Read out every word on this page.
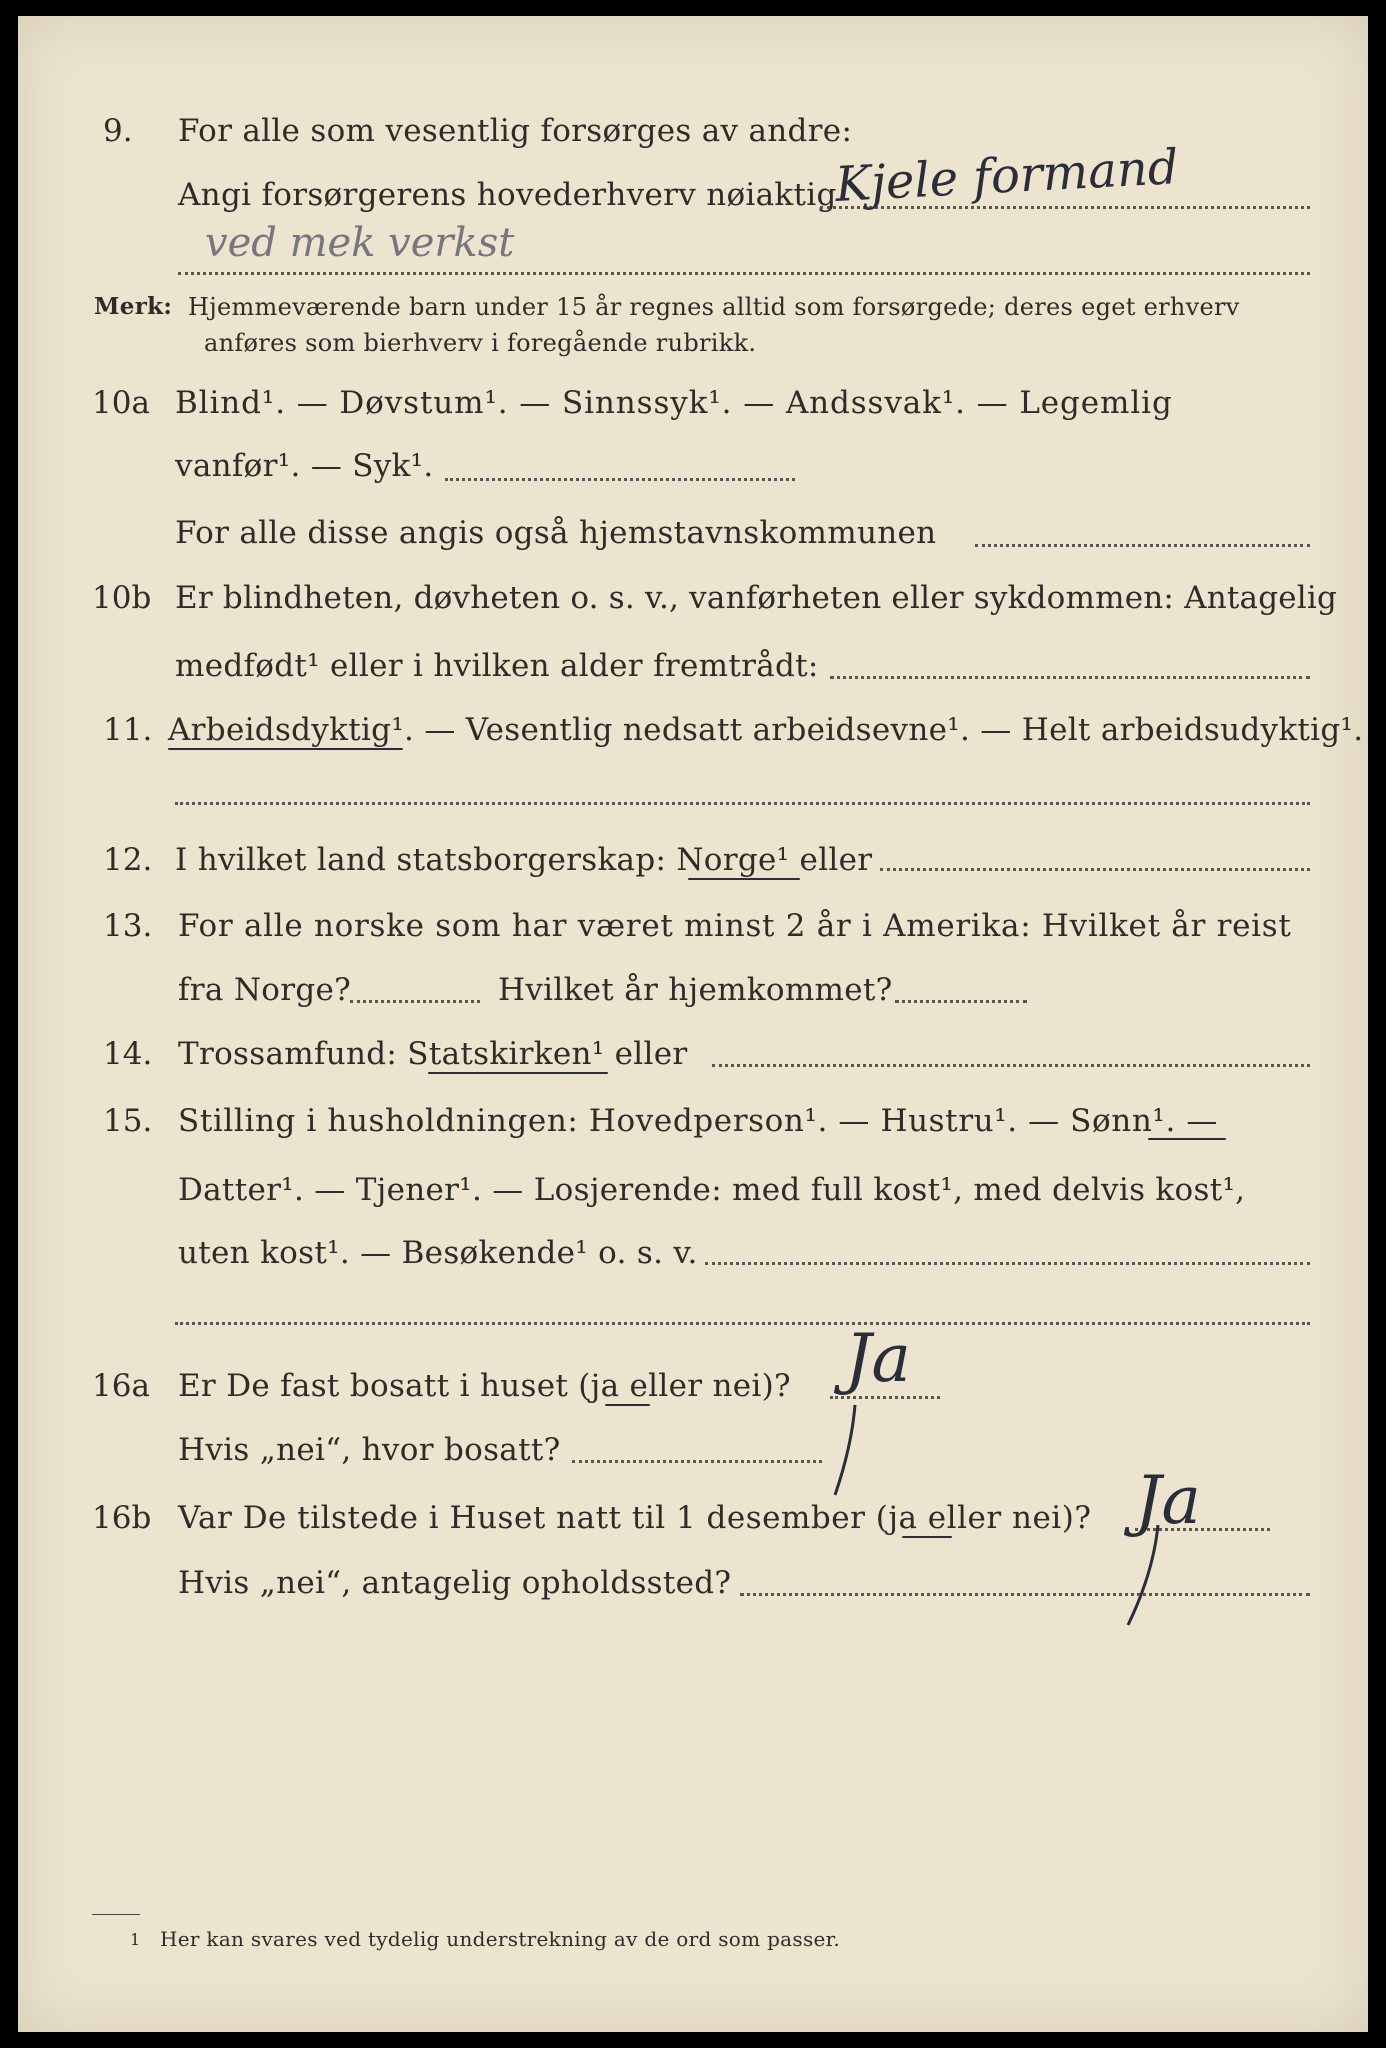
9. For alle som vesentlig forsørges av andre:
Angi forsørgerens hovederhverv nøiaktig
Kjele formand
ved mek verkst
Hjemmeværende barn under 15 år regnes alltid som forsørgede; deres eget erhverv
anføres som bierhverv i foregående rubrikk.
Merk:
10a Blind¹. — Døvstum¹. — Sinnssyk¹. — Andssvak¹. — Legemlig
vanfør¹. — Syk¹.
For alle disse angis også hjemstavnskommunen
10b Er blindheten, døvheten o. s. v., vanførheten eller sykdommen: Antagelig
medfødt¹ eller i hvilken alder fremtrådt:
11. Arbeidsdyktig¹. — Vesentlig nedsatt arbeidsevne¹. — Helt arbeidsudyktig¹.
12. I hvilket land statsborgerskap: Norge¹ eller
13. For alle norske som har været minst 2 år i Amerika: Hvilket år reist
fra Norge?	Hvilket år hjemkommet?
14. Trossamfund: Statskirken¹ eller
15. Stilling i husholdningen: Hovedperson¹. — Hustru¹. — Sønn¹. —
Datter¹. — Tjener¹. — Losjerende: med full kost¹, med delvis kost¹,
uten kost¹. — Besøkende¹ o. s. v.
16a Er De fast bosatt i huset (ja eller nei)? Ja
Hvis „nei“, hvor bosatt?
16b Var De tilstede i Huset natt til 1 desember (ja eller nei)? Ja
Hvis „nei“, antagelig opholdssted?
1 Her kan svares ved tydelig understrekning av de ord som passer.
